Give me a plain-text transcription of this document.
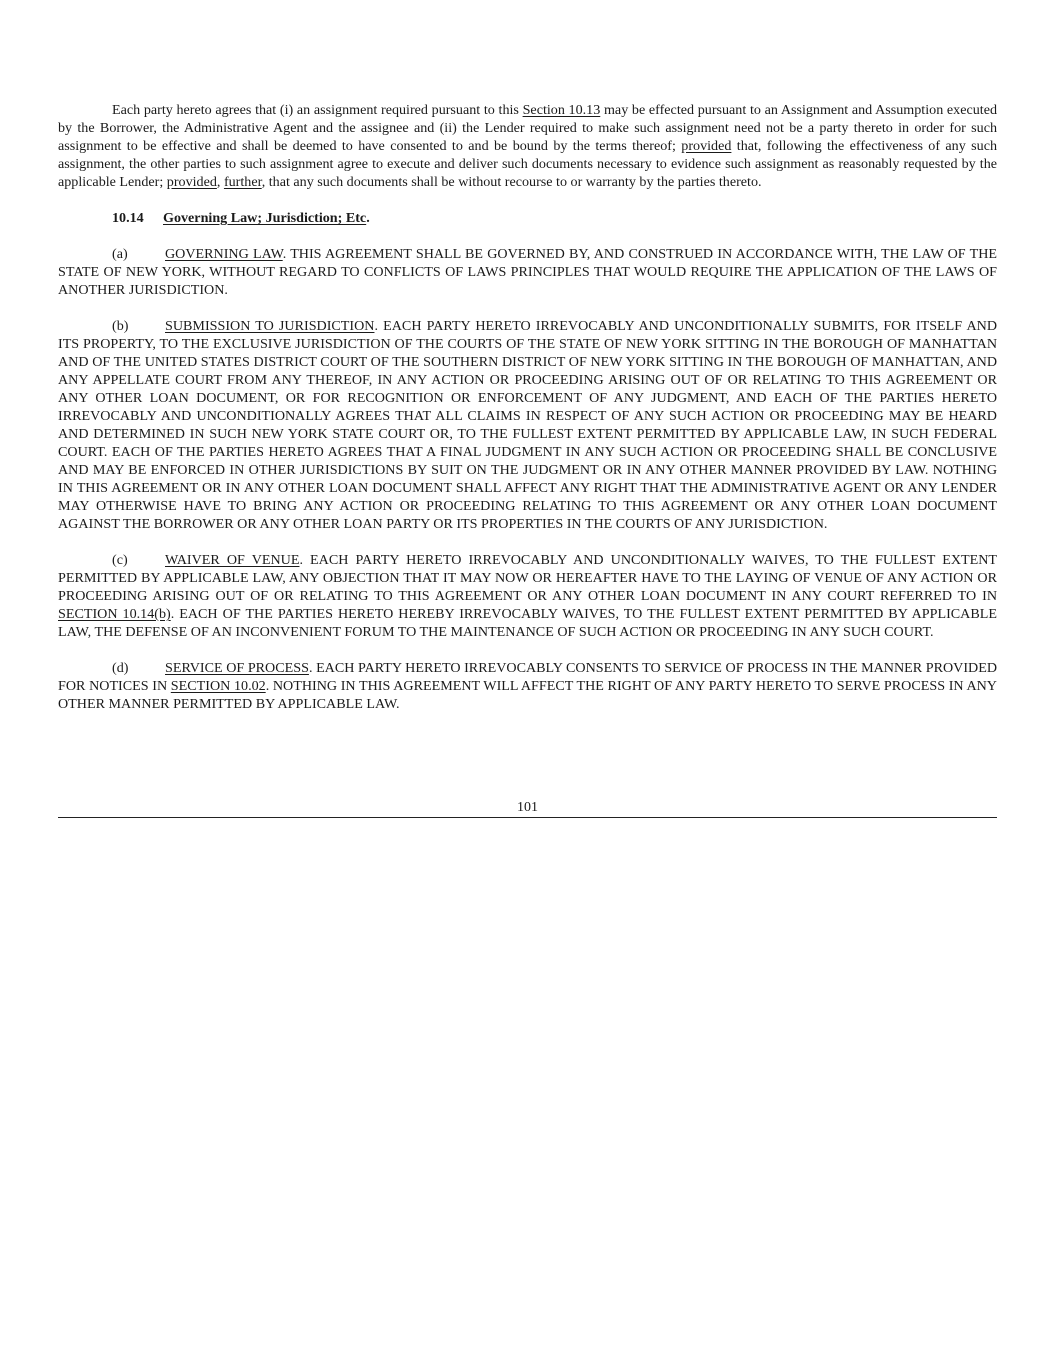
Each party hereto agrees that (i) an assignment required pursuant to this Section 10.13 may be effected pursuant to an Assignment and Assumption executed by the Borrower, the Administrative Agent and the assignee and (ii) the Lender required to make such assignment need not be a party thereto in order for such assignment to be effective and shall be deemed to have consented to and be bound by the terms thereof; provided that, following the effectiveness of any such assignment, the other parties to such assignment agree to execute and deliver such documents necessary to evidence such assignment as reasonably requested by the applicable Lender; provided, further, that any such documents shall be without recourse to or warranty by the parties thereto.

10.14 Governing Law; Jurisdiction; Etc.

(a)	GOVERNING LAW. THIS AGREEMENT SHALL BE GOVERNED BY, AND CONSTRUED IN ACCORDANCE WITH, THE LAW OF THE STATE OF NEW YORK, WITHOUT REGARD TO CONFLICTS OF LAWS PRINCIPLES THAT WOULD REQUIRE THE APPLICATION OF THE LAWS OF ANOTHER JURISDICTION.

(b)	SUBMISSION TO JURISDICTION. EACH PARTY HERETO IRREVOCABLY AND UNCONDITIONALLY SUBMITS, FOR ITSELF AND ITS PROPERTY, TO THE EXCLUSIVE JURISDICTION OF THE COURTS OF THE STATE OF NEW YORK SITTING IN THE BOROUGH OF MANHATTAN AND OF THE UNITED STATES DISTRICT COURT OF THE SOUTHERN DISTRICT OF NEW YORK SITTING IN THE BOROUGH OF MANHATTAN, AND ANY APPELLATE COURT FROM ANY THEREOF, IN ANY ACTION OR PROCEEDING ARISING OUT OF OR RELATING TO THIS AGREEMENT OR ANY OTHER LOAN DOCUMENT, OR FOR RECOGNITION OR ENFORCEMENT OF ANY JUDGMENT, AND EACH OF THE PARTIES HERETO IRREVOCABLY AND UNCONDITIONALLY AGREES THAT ALL CLAIMS IN RESPECT OF ANY SUCH ACTION OR PROCEEDING MAY BE HEARD AND DETERMINED IN SUCH NEW YORK STATE COURT OR, TO THE FULLEST EXTENT PERMITTED BY APPLICABLE LAW, IN SUCH FEDERAL COURT. EACH OF THE PARTIES HERETO AGREES THAT A FINAL JUDGMENT IN ANY SUCH ACTION OR PROCEEDING SHALL BE CONCLUSIVE AND MAY BE ENFORCED IN OTHER JURISDICTIONS BY SUIT ON THE JUDGMENT OR IN ANY OTHER MANNER PROVIDED BY LAW. NOTHING IN THIS AGREEMENT OR IN ANY OTHER LOAN DOCUMENT SHALL AFFECT ANY RIGHT THAT THE ADMINISTRATIVE AGENT OR ANY LENDER MAY OTHERWISE HAVE TO BRING ANY ACTION OR PROCEEDING RELATING TO THIS AGREEMENT OR ANY OTHER LOAN DOCUMENT AGAINST THE BORROWER OR ANY OTHER LOAN PARTY OR ITS PROPERTIES IN THE COURTS OF ANY JURISDICTION.

(c)	WAIVER OF VENUE. EACH PARTY HERETO IRREVOCABLY AND UNCONDITIONALLY WAIVES, TO THE FULLEST EXTENT PERMITTED BY APPLICABLE LAW, ANY OBJECTION THAT IT MAY NOW OR HEREAFTER HAVE TO THE LAYING OF VENUE OF ANY ACTION OR PROCEEDING ARISING OUT OF OR RELATING TO THIS AGREEMENT OR ANY OTHER LOAN DOCUMENT IN ANY COURT REFERRED TO IN SECTION 10.14(b). EACH OF THE PARTIES HERETO HEREBY IRREVOCABLY WAIVES, TO THE FULLEST EXTENT PERMITTED BY APPLICABLE LAW, THE DEFENSE OF AN INCONVENIENT FORUM TO THE MAINTENANCE OF SUCH ACTION OR PROCEEDING IN ANY SUCH COURT.

(d)	SERVICE OF PROCESS. EACH PARTY HERETO IRREVOCABLY CONSENTS TO SERVICE OF PROCESS IN THE MANNER PROVIDED FOR NOTICES IN SECTION 10.02. NOTHING IN THIS AGREEMENT WILL AFFECT THE RIGHT OF ANY PARTY HERETO TO SERVE PROCESS IN ANY OTHER MANNER PERMITTED BY APPLICABLE LAW.

101
